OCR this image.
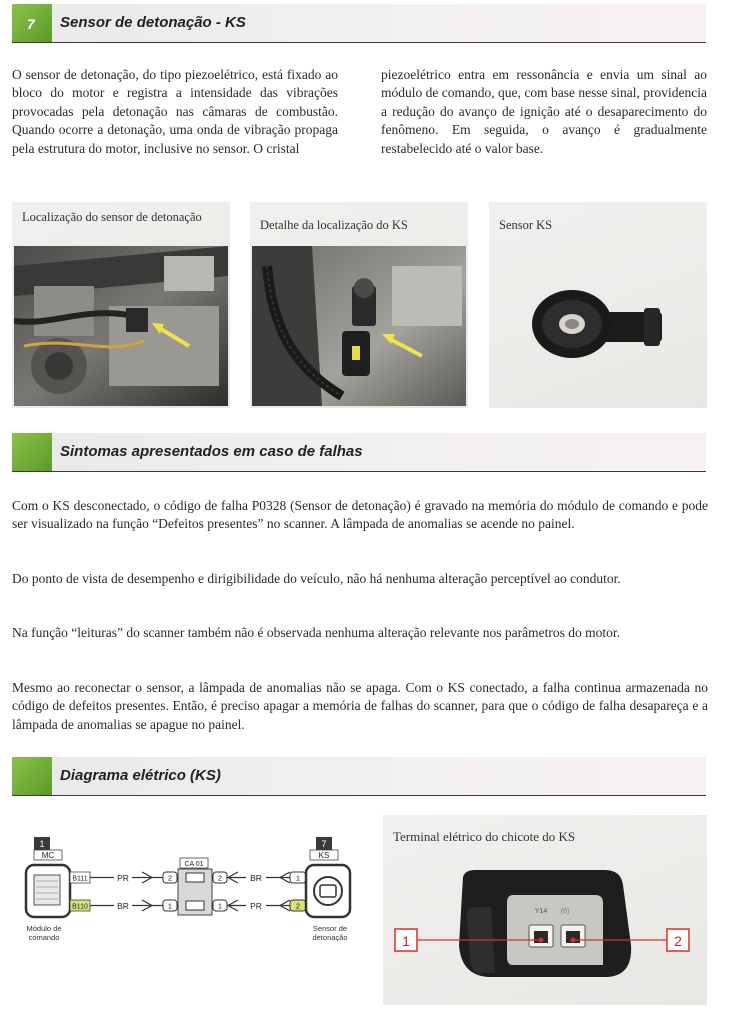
7 Sensor de detonação - KS
O sensor de detonação, do tipo piezoelétrico, está fixado ao bloco do motor e registra a intensidade das vibrações provocadas pela detonação nas câmaras de combustão. Quando ocorre a detonação, uma onda de vibração propaga pela estrutura do motor, inclusive no sensor. O cristal
piezoelétrico entra em ressonância e envia um sinal ao módulo de comando, que, com base nesse sinal, providencia a redução do avanço de ignição até o desaparecimento do fenômeno. Em seguida, o avanço é gradualmente restabelecido até o valor base.
Localização do sensor de detonação
Detalhe da localização do KS	Sensor KS
Sintomas apresentados em caso de falhas
Com o KS desconectado, o código de falha P0328 (Sensor de detonação) é gravado na memória do módulo de comando e pode ser visualizado na função “Defeitos presentes” no scanner. A lâmpada de anomalias se acende no painel.
Do ponto de vista de desempenho e dirigibilidade do veículo, não há nenhuma alteração perceptível ao condutor.
Na função “leituras” do scanner também não é observada nenhuma alteração relevante nos parâmetros do motor.
Mesmo ao reconectar o sensor, a lâmpada de anomalias não se apaga. Com o KS conectado, a falha continua armazenada no código de defeitos presentes. Então, é preciso apagar a memória de falhas do scanner, para que o código de falha desapareça e a lâmpada de anomalias se apague no painel.
Diagrama elétrico (KS)
1
MC
B111
B110
Módulo de
comando
PR
BR
CA 01
2
1
2
1
BR
PR
7
KS
1
2
Sensor de
detonação
Terminal elétrico do chicote do KS
Y14 (6)
1	2
